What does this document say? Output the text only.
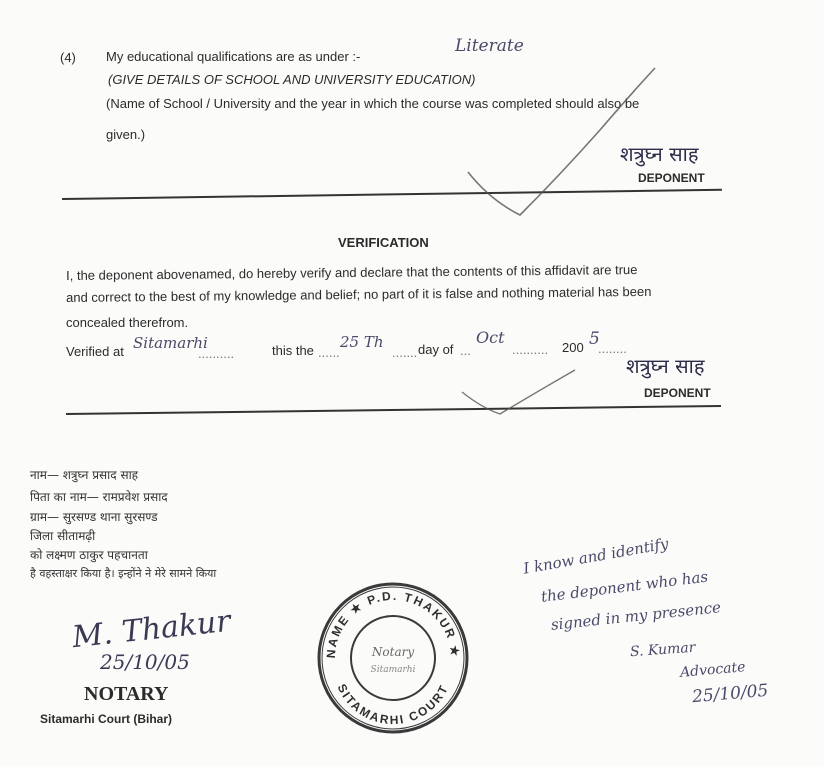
(4) My educational qualifications are as under :-
Literate
(GIVE DETAILS OF SCHOOL AND UNIVERSITY EDUCATION)
(Name of School / University and the year in which the course was completed should also be
given.)
शत्रुघ्न साह
DEPONENT
VERIFICATION
I, the deponent abovenamed, do hereby verify and declare that the contents of this affidavit are true
and correct to the best of my knowledge and belief; no part of it is false and nothing material has been
concealed therefrom.
Verified at Sitamarhi
..........	this the ......
25 Th
....... day of ...
Oct
.......... 200 5
........
शत्रुघ्न साह
DEPONENT
नाम— शत्रुघ्न प्रसाद साह
पिता का नाम— रामप्रवेश प्रसाद
ग्राम— सुरसण्ड थाना सुरसण्ड
जिला सीतामढ़ी
को लक्ष्मण ठाकुर पहचानता
है वहस्ताक्षर किया है। इन्होंने ने मेरे सामने किया
M. Thakur
25/10/05
NOTARY
Sitamarhi Court (Bihar)
NAME ★ P.D. THAKUR ★
SITAMARHI COURT
Notary
Sitamarhi
I know and identify
the deponent who has
signed in my presence
S. Kumar
Advocate
25/10/05
